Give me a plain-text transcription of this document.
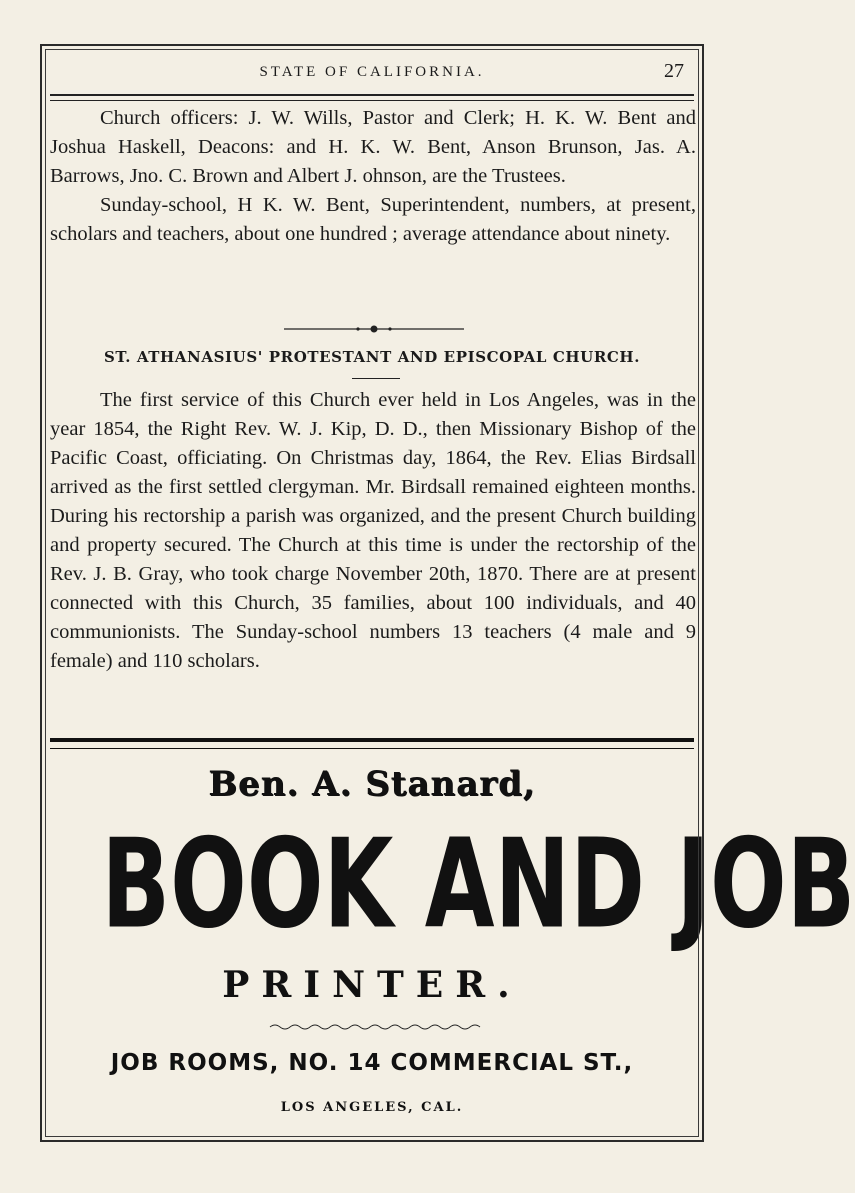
STATE OF CALIFORNIA.	27

Church officers: J. W. Wills, Pastor and Clerk; H. K. W. Bent and Joshua Haskell, Deacons: and H. K. W. Bent, Anson Brunson, Jas. A. Barrows, Jno. C. Brown and Albert J. ohnson, are the Trustees.

Sunday-school, H K. W. Bent, Superintendent, numbers, at present, scholars and teachers, about one hundred ; average attendance about ninety.

ST. ATHANASIUS' PROTESTANT AND EPISCOPAL CHURCH.

The first service of this Church ever held in Los Angeles, was in the year 1854, the Right Rev. W. J. Kip, D. D., then Missionary Bishop of the Pacific Coast, officiating. On Christmas day, 1864, the Rev. Elias Birdsall arrived as the first settled clergyman. Mr. Birdsall remained eighteen months. During his rectorship a parish was organized, and the present Church building and property secured. The Church at this time is under the rectorship of the Rev. J. B. Gray, who took charge November 20th, 1870. There are at present connected with this Church, 35 families, about 100 individuals, and 40 communionists. The Sunday-school numbers 13 teachers (4 male and 9 female) and 110 scholars.

Ben. A. Stanard,
BOOK AND JOB
PRINTER.
JOB ROOMS, NO. 14 COMMERCIAL ST.,
LOS ANGELES, CAL.
